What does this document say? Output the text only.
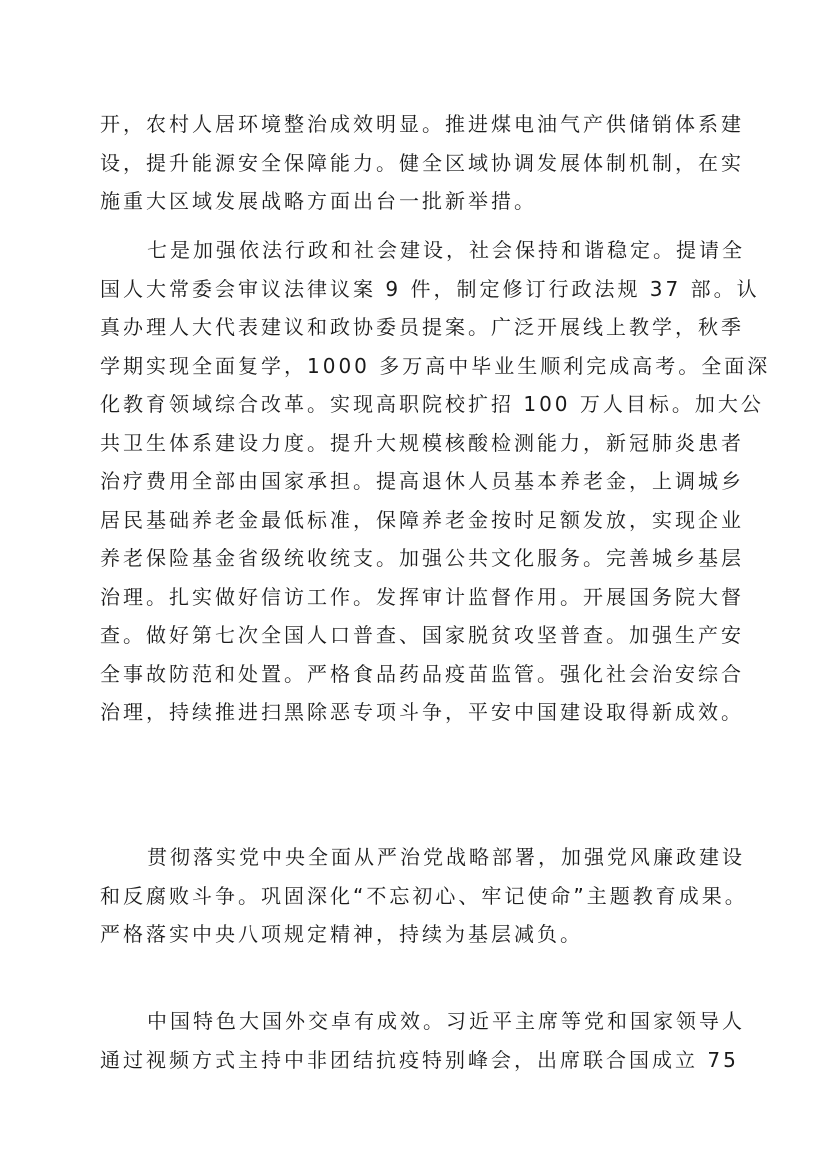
开，农村人居环境整治成效明显。推进煤电油气产供储销体系建
设，提升能源安全保障能力。健全区域协调发展体制机制，在实
施重大区域发展战略方面出台一批新举措。
七是加强依法行政和社会建设，社会保持和谐稳定。提请全
国人大常委会审议法律议案 9 件，制定修订行政法规 37 部。认
真办理人大代表建议和政协委员提案。广泛开展线上教学，秋季
学期实现全面复学，1000 多万高中毕业生顺利完成高考。全面深
化教育领域综合改革。实现高职院校扩招 100 万人目标。加大公
共卫生体系建设力度。提升大规模核酸检测能力，新冠肺炎患者
治疗费用全部由国家承担。提高退休人员基本养老金，上调城乡
居民基础养老金最低标准，保障养老金按时足额发放，实现企业
养老保险基金省级统收统支。加强公共文化服务。完善城乡基层
治理。扎实做好信访工作。发挥审计监督作用。开展国务院大督
查。做好第七次全国人口普查、国家脱贫攻坚普查。加强生产安
全事故防范和处置。严格食品药品疫苗监管。强化社会治安综合
治理，持续推进扫黑除恶专项斗争，平安中国建设取得新成效。
贯彻落实党中央全面从严治党战略部署，加强党风廉政建设
和反腐败斗争。巩固深化“不忘初心、牢记使命”主题教育成果。
严格落实中央八项规定精神，持续为基层减负。
中国特色大国外交卓有成效。习近平主席等党和国家领导人
通过视频方式主持中非团结抗疫特别峰会，出席联合国成立 75
